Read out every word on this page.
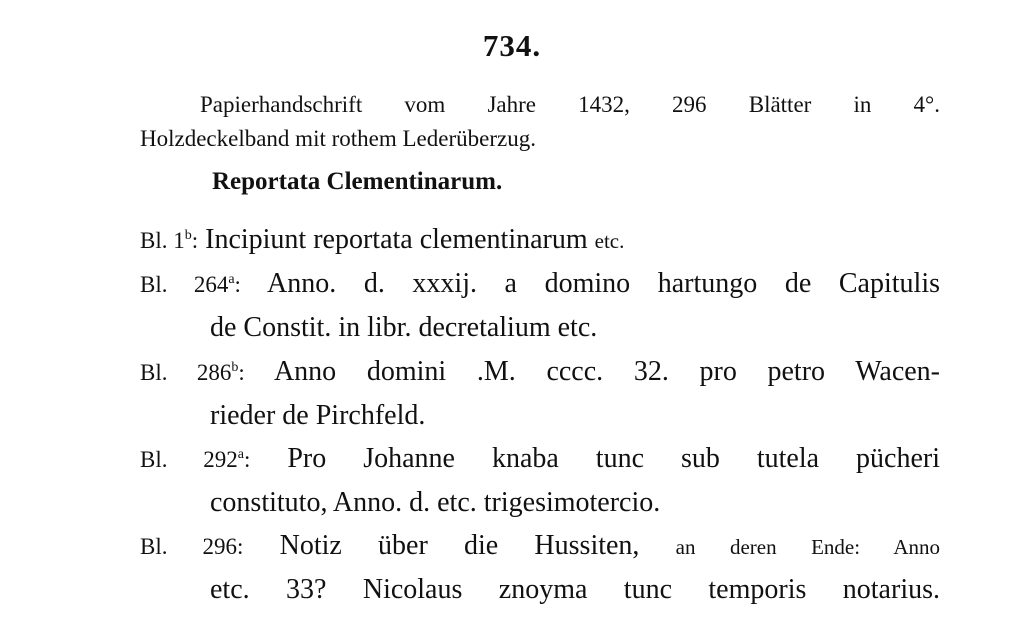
734.
Papierhandschrift vom Jahre 1432, 296 Blätter in 4°.
Holzdeckelband mit rothem Lederüberzug.
Reportata Clementinarum.
Bl. 1$^b$: Incipiunt reportata clementinarum etc.
Bl. 264$^a$: Anno. d. xxxij. a domino hartungo de Capitulis
de Constit. in libr. decretalium etc.
Bl. 286$^b$: Anno domini .M. cccc. 32. pro petro Wacen-
rieder de Pirchfeld.
Bl. 292$^a$: Pro Johanne knaba tunc sub tutela pücheri
constituto, Anno. d. etc. trigesimotercio.
Bl. 296: Notiz über die Hussiten, an deren Ende: Anno
etc. 33? Nicolaus znoyma tunc temporis notarius.
